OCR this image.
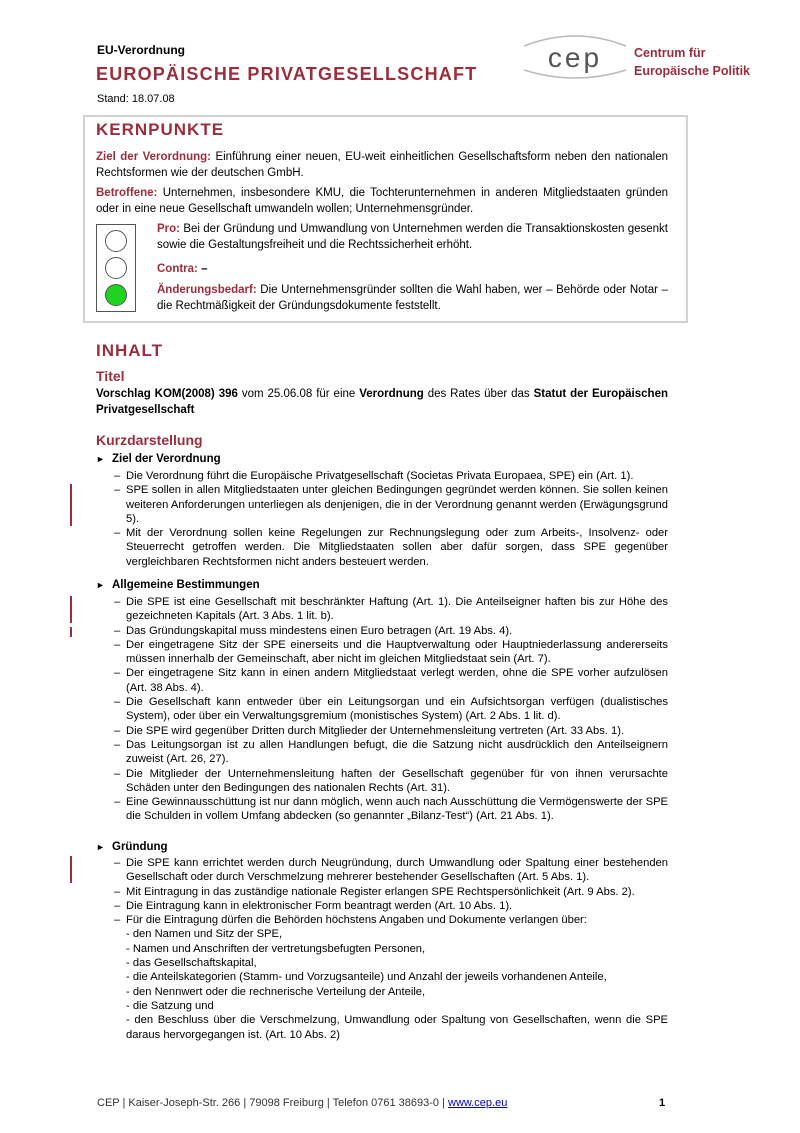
EU-Verordnung
EUROPÄISCHE PRIVATGESELLSCHAFT
Stand: 18.07.08
cep	Centrum für
Europäische Politik
KERNPUNKTE
Ziel der Verordnung: Einführung einer neuen, EU-weit einheitlichen Gesellschaftsform neben den nationalen Rechtsformen wie der deutschen GmbH.
Betroffene: Unternehmen, insbesondere KMU, die Tochterunternehmen in anderen Mitgliedstaaten gründen oder in eine neue Gesellschaft umwandeln wollen; Unternehmensgründer.
Pro: Bei der Gründung und Umwandlung von Unternehmen werden die Transaktionskosten gesenkt sowie die Gestaltungsfreiheit und die Rechtssicherheit erhöht.
Contra: –
Änderungsbedarf: Die Unternehmensgründer sollten die Wahl haben, wer – Behörde oder Notar – die Rechtmäßigkeit der Gründungsdokumente feststellt.
INHALT
Titel
Vorschlag KOM(2008) 396 vom 25.06.08 für eine Verordnung des Rates über das Statut der Europäischen Privatgesellschaft
Kurzdarstellung
► Ziel der Verordnung
– Die Verordnung führt die Europäische Privatgesellschaft (Societas Privata Europaea, SPE) ein (Art. 1).
– SPE sollen in allen Mitgliedstaaten unter gleichen Bedingungen gegründet werden können. Sie sollen keinen weiteren Anforderungen unterliegen als denjenigen, die in der Verordnung genannt werden (Erwägungsgrund 5).
– Mit der Verordnung sollen keine Regelungen zur Rechnungslegung oder zum Arbeits-, Insolvenz- oder Steuerrecht getroffen werden. Die Mitgliedstaaten sollen aber dafür sorgen, dass SPE gegenüber vergleichbaren Rechtsformen nicht anders besteuert werden.
► Allgemeine Bestimmungen
– Die SPE ist eine Gesellschaft mit beschränkter Haftung (Art. 1). Die Anteilseigner haften bis zur Höhe des gezeichneten Kapitals (Art. 3 Abs. 1 lit. b).
– Das Gründungskapital muss mindestens einen Euro betragen (Art. 19 Abs. 4).
– Der eingetragene Sitz der SPE einerseits und die Hauptverwaltung oder Hauptniederlassung andererseits müssen innerhalb der Gemeinschaft, aber nicht im gleichen Mitgliedstaat sein (Art. 7).
– Der eingetragene Sitz kann in einen andern Mitgliedstaat verlegt werden, ohne die SPE vorher aufzulösen (Art. 38 Abs. 4).
– Die Gesellschaft kann entweder über ein Leitungsorgan und ein Aufsichtsorgan verfügen (dualistisches System), oder über ein Verwaltungsgremium (monistisches System) (Art. 2 Abs. 1 lit. d).
– Die SPE wird gegenüber Dritten durch Mitglieder der Unternehmensleitung vertreten (Art. 33 Abs. 1).
– Das Leitungsorgan ist zu allen Handlungen befugt, die die Satzung nicht ausdrücklich den Anteilseignern zuweist (Art. 26, 27).
– Die Mitglieder der Unternehmensleitung haften der Gesellschaft gegenüber für von ihnen verursachte Schäden unter den Bedingungen des nationalen Rechts (Art. 31).
– Eine Gewinnausschüttung ist nur dann möglich, wenn auch nach Ausschüttung die Vermögenswerte der SPE die Schulden in vollem Umfang abdecken (so genannter „Bilanz-Test“) (Art. 21 Abs. 1).
► Gründung
– Die SPE kann errichtet werden durch Neugründung, durch Umwandlung oder Spaltung einer bestehenden Gesellschaft oder durch Verschmelzung mehrerer bestehender Gesellschaften (Art. 5 Abs. 1).
– Mit Eintragung in das zuständige nationale Register erlangen SPE Rechtspersönlichkeit (Art. 9 Abs. 2).
– Die Eintragung kann in elektronischer Form beantragt werden (Art. 10 Abs. 1).
– Für die Eintragung dürfen die Behörden höchstens Angaben und Dokumente verlangen über:
- den Namen und Sitz der SPE,
- Namen und Anschriften der vertretungsbefugten Personen,
- das Gesellschaftskapital,
- die Anteilskategorien (Stamm- und Vorzugsanteile) und Anzahl der jeweils vorhandenen Anteile,
- den Nennwert oder die rechnerische Verteilung der Anteile,
- die Satzung und
- den Beschluss über die Verschmelzung, Umwandlung oder Spaltung von Gesellschaften, wenn die SPE daraus hervorgegangen ist. (Art. 10 Abs. 2)
CEP | Kaiser-Joseph-Str. 266 | 79098 Freiburg | Telefon 0761 38693-0 | www.cep.eu	1
